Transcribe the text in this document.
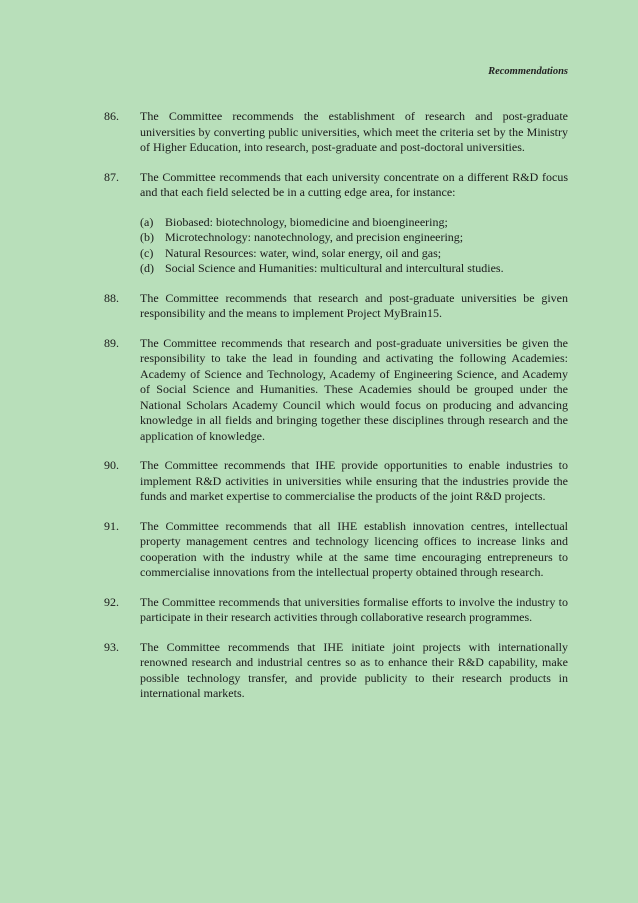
Recommendations
86.	The Committee recommends the establishment of research and post-graduate universities by converting public universities, which meet the criteria set by the Ministry of Higher Education, into research, post-graduate and post-doctoral universities.

87.	The Committee recommends that each university concentrate on a different R&D focus and that each field selected be in a cutting edge area, for instance:

(a) Biobased: biotechnology, biomedicine and bioengineering;
(b) Microtechnology: nanotechnology, and precision engineering;
(c) Natural Resources: water, wind, solar energy, oil and gas;
(d) Social Science and Humanities: multicultural and intercultural studies.
88.	The Committee recommends that research and post-graduate universities be given responsibility and the means to implement Project MyBrain15.

89.	The Committee recommends that research and post-graduate universities be given the responsibility to take the lead in founding and activating the following Academies: Academy of Science and Technology, Academy of Engineering Science, and Academy of Social Science and Humanities. These Academies should be grouped under the National Scholars Academy Council which would focus on producing and advancing knowledge in all fields and bringing together these disciplines through research and the application of knowledge.

90.	The Committee recommends that IHE provide opportunities to enable industries to implement R&D activities in universities while ensuring that the industries provide the funds and market expertise to commercialise the products of the joint R&D projects.

91.	The Committee recommends that all IHE establish innovation centres, intellectual property management centres and technology licencing offices to increase links and cooperation with the industry while at the same time encouraging entrepreneurs to commercialise innovations from the intellectual property obtained through research.

92.	The Committee recommends that universities formalise efforts to involve the industry to participate in their research activities through collaborative research programmes.

93.	The Committee recommends that IHE initiate joint projects with internationally renowned research and industrial centres so as to enhance their R&D capability, make possible technology transfer, and provide publicity to their research products in international markets.
